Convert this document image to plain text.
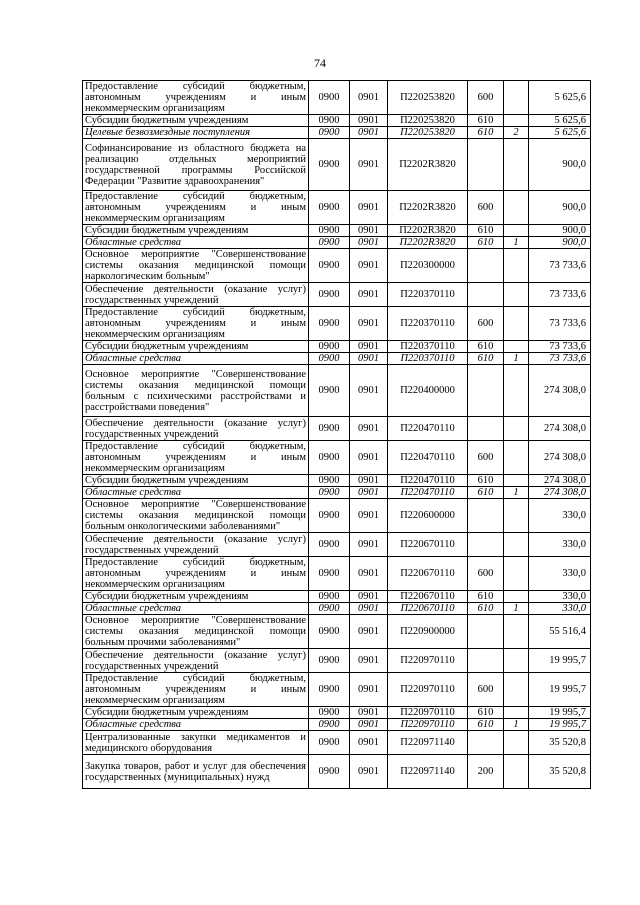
74
Предоставление субсидий бюджетным, автономным учреждениям и иным некоммерческим организациям	0900	0901	П220253820	600		5 625,6
Субсидии бюджетным учреждениям	0900	0901	П220253820	610		5 625,6
Целевые безвозмездные поступления	0900	0901	П220253820	610	2	5 625,6
Софинансирование из областного бюджета на реализацию отдельных мероприятий государственной программы Российской Федерации "Развитие здравоохранения"	0900	0901	П2202R3820			900,0
Предоставление субсидий бюджетным, автономным учреждениям и иным некоммерческим организациям	0900	0901	П2202R3820	600		900,0
Субсидии бюджетным учреждениям	0900	0901	П2202R3820	610		900,0
Областные средства	0900	0901	П2202R3820	610	1	900,0
Основное мероприятие "Совершенствование системы оказания медицинской помощи наркологическим больным"	0900	0901	П220300000			73 733,6
Обеспечение деятельности (оказание услуг) государственных учреждений	0900	0901	П220370110			73 733,6
Предоставление субсидий бюджетным, автономным учреждениям и иным некоммерческим организациям	0900	0901	П220370110	600		73 733,6
Субсидии бюджетным учреждениям	0900	0901	П220370110	610		73 733,6
Областные средства	0900	0901	П220370110	610	1	73 733,6
Основное мероприятие "Совершенствование системы оказания медицинской помощи больным с психическими расстройствами и расстройствами поведения"	0900	0901	П220400000			274 308,0
Обеспечение деятельности (оказание услуг) государственных учреждений	0900	0901	П220470110			274 308,0
Предоставление субсидий бюджетным, автономным учреждениям и иным некоммерческим организациям	0900	0901	П220470110	600		274 308,0
Субсидии бюджетным учреждениям	0900	0901	П220470110	610		274 308,0
Областные средства	0900	0901	П220470110	610	1	274 308,0
Основное мероприятие "Совершенствование системы оказания медицинской помощи больным онкологическими заболеваниями"	0900	0901	П220600000			330,0
Обеспечение деятельности (оказание услуг) государственных учреждений	0900	0901	П220670110			330,0
Предоставление субсидий бюджетным, автономным учреждениям и иным некоммерческим организациям	0900	0901	П220670110	600		330,0
Субсидии бюджетным учреждениям	0900	0901	П220670110	610		330,0
Областные средства	0900	0901	П220670110	610	1	330,0
Основное мероприятие "Совершенствование системы оказания медицинской помощи больным прочими заболеваниями"	0900	0901	П220900000			55 516,4
Обеспечение деятельности (оказание услуг) государственных учреждений	0900	0901	П220970110			19 995,7
Предоставление субсидий бюджетным, автономным учреждениям и иным некоммерческим организациям	0900	0901	П220970110	600		19 995,7
Субсидии бюджетным учреждениям	0900	0901	П220970110	610		19 995,7
Областные средства	0900	0901	П220970110	610	1	19 995,7
Централизованные закупки медикаментов и медицинского оборудования	0900	0901	П220971140			35 520,8
Закупка товаров, работ и услуг для обеспечения государственных (муниципальных) нужд	0900	0901	П220971140	200		35 520,8
